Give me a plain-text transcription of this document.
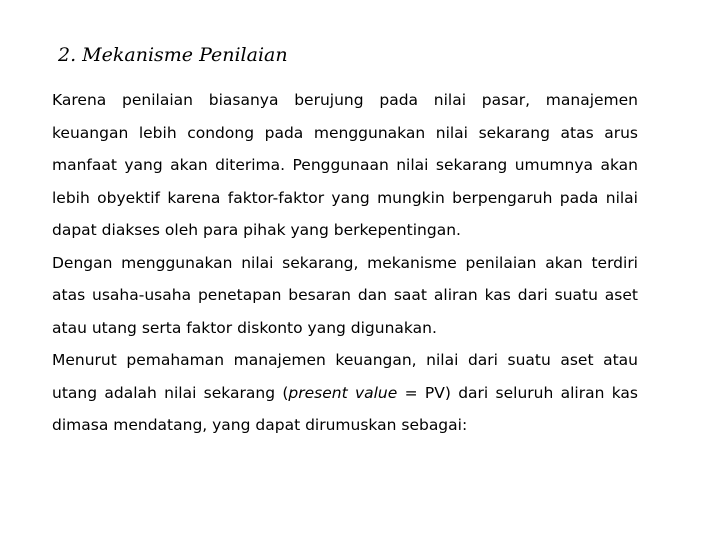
2. Mekanisme Penilaian

Karena penilaian biasanya berujung pada nilai pasar, manajemen keuangan lebih condong pada menggunakan nilai sekarang atas arus manfaat yang akan diterima. Penggunaan nilai sekarang umumnya akan lebih obyektif karena faktor-faktor yang mungkin berpengaruh pada nilai dapat diakses oleh para pihak yang berkepentingan.

Dengan menggunakan nilai sekarang, mekanisme penilaian akan terdiri atas usaha-usaha penetapan besaran dan saat aliran kas dari suatu aset atau utang serta faktor diskonto yang digunakan.

Menurut pemahaman manajemen keuangan, nilai dari suatu aset atau utang adalah nilai sekarang (present value = PV) dari seluruh aliran kas dimasa mendatang, yang dapat dirumuskan sebagai:
